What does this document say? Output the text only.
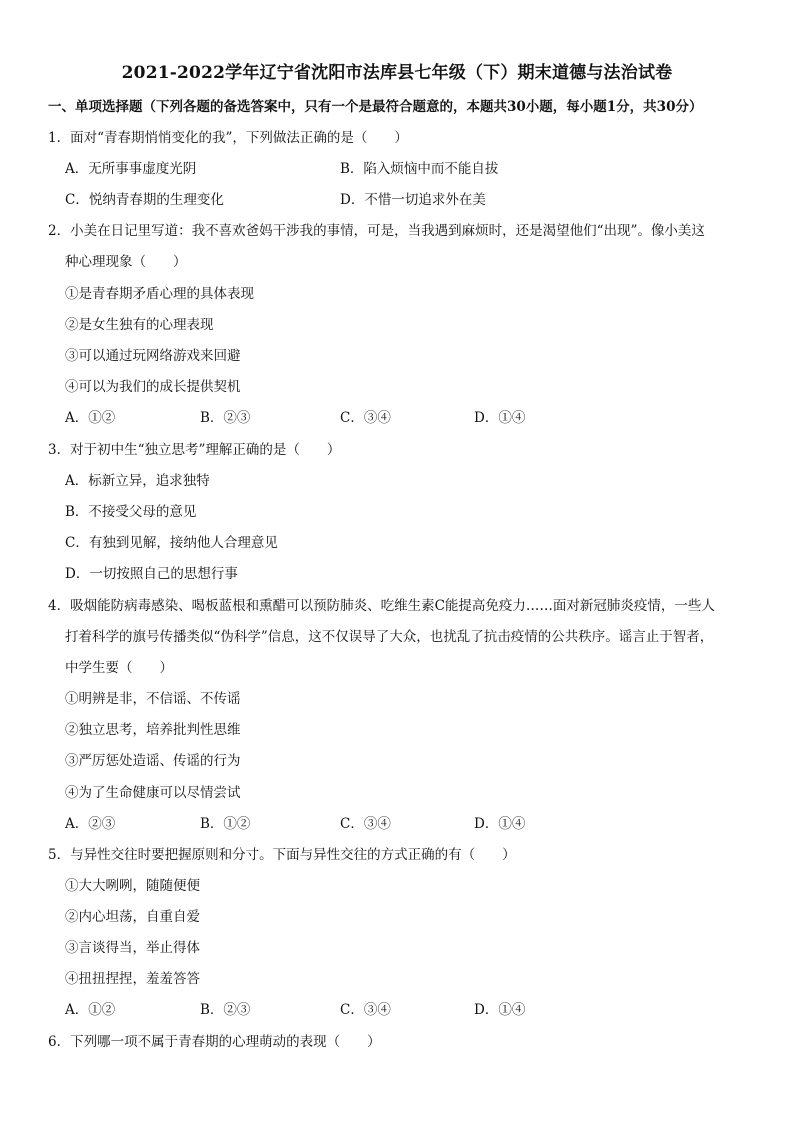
2021-2022学年辽宁省沈阳市法库县七年级（下）期末道德与法治试卷
一、单项选择题（下列各题的备选答案中，只有一个是最符合题意的，本题共30小题，每小题1分，共30分）
1．面对“青春期悄悄变化的我”，下列做法正确的是（　　）
A．无所事事虚度光阴	B．陷入烦恼中而不能自拔
C．悦纳青春期的生理变化	D．不惜一切追求外在美
2．小美在日记里写道：我不喜欢爸妈干涉我的事情，可是，当我遇到麻烦时，还是渴望他们“出现”。像小美这
种心理现象（　　）
①是青春期矛盾心理的具体表现
②是女生独有的心理表现
③可以通过玩网络游戏来回避
④可以为我们的成长提供契机
A．①②	B．②③	C．③④	D．①④
3．对于初中生“独立思考”理解正确的是（　　）
A．标新立异，追求独特
B．不接受父母的意见
C．有独到见解，接纳他人合理意见
D．一切按照自己的思想行事
4．吸烟能防病毒感染、喝板蓝根和熏醋可以预防肺炎、吃维生素C能提高免疫力……面对新冠肺炎疫情，一些人
打着科学的旗号传播类似“伪科学”信息，这不仅误导了大众，也扰乱了抗击疫情的公共秩序。谣言止于智者，
中学生要（　　）
①明辨是非，不信谣、不传谣
②独立思考，培养批判性思维
③严厉惩处造谣、传谣的行为
④为了生命健康可以尽情尝试
A．②③	B．①②	C．③④	D．①④
5．与异性交往时要把握原则和分寸。下面与异性交往的方式正确的有（　　）
①大大咧咧，随随便便
②内心坦荡，自重自爱
③言谈得当，举止得体
④扭扭捏捏，羞羞答答
A．①②	B．②③	C．③④	D．①④
6．下列哪一项不属于青春期的心理萌动的表现（　　）
